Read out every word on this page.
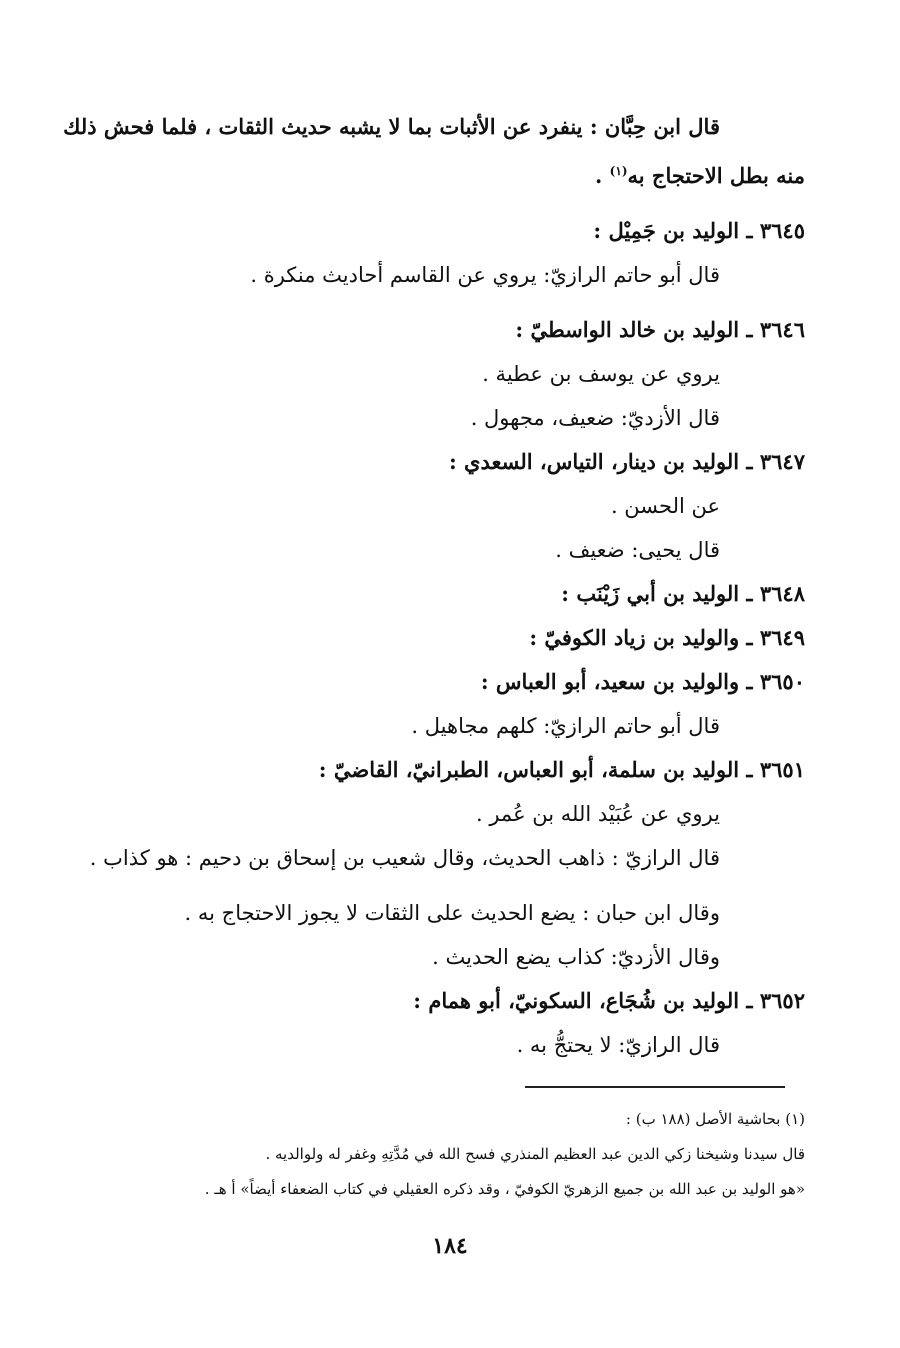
قال ابن حِبَّان : ينفرد عن الأثبات بما لا يشبه حديث الثقات ، فلما فحش ذلك
منه بطل الاحتجاج به$^{(١)}$ .
٣٦٤٥ ـ الوليد بن جَمِيْل :
قال أبو حاتم الرازيّ: يروي عن القاسم أحاديث منكرة .
٣٦٤٦ ـ الوليد بن خالد الواسطيّ :
يروي عن يوسف بن عطية .
قال الأزديّ: ضعيف، مجهول .
٣٦٤٧ ـ الوليد بن دينار، التياس، السعدي :
عن الحسن .
قال يحيى: ضعيف .
٣٦٤٨ ـ الوليد بن أبي زَيْنَب :
٣٦٤٩ ـ والوليد بن زياد الكوفيّ :
٣٦٥٠ ـ والوليد بن سعيد، أبو العباس :
قال أبو حاتم الرازيّ: كلهم مجاهيل .
٣٦٥١ ـ الوليد بن سلمة، أبو العباس، الطبرانيّ، القاضيّ :
يروي عن عُبَيْد الله بن عُمر .
قال الرازيّ : ذاهب الحديث، وقال شعيب بن إسحاق بن دحيم : هو كذاب .
وقال ابن حبان : يضع الحديث على الثقات لا يجوز الاحتجاج به .
وقال الأزديّ: كذاب يضع الحديث .
٣٦٥٢ ـ الوليد بن شُجَاع، السكونيّ، أبو همام :
قال الرازيّ: لا يحتجُّ به .
(١) بحاشية الأصل (١٨٨ ب) :
قال سيدنا وشيخنا زكي الدين عبد العظيم المنذري فسح الله في مُدَّتِهِ وغفر له ولوالديه .
«هو الوليد بن عبد الله بن جميع الزهريّ الكوفيّ ، وقد ذكره العقيلي في كتاب الضعفاء أيضاً» أ هـ .
١٨٤
